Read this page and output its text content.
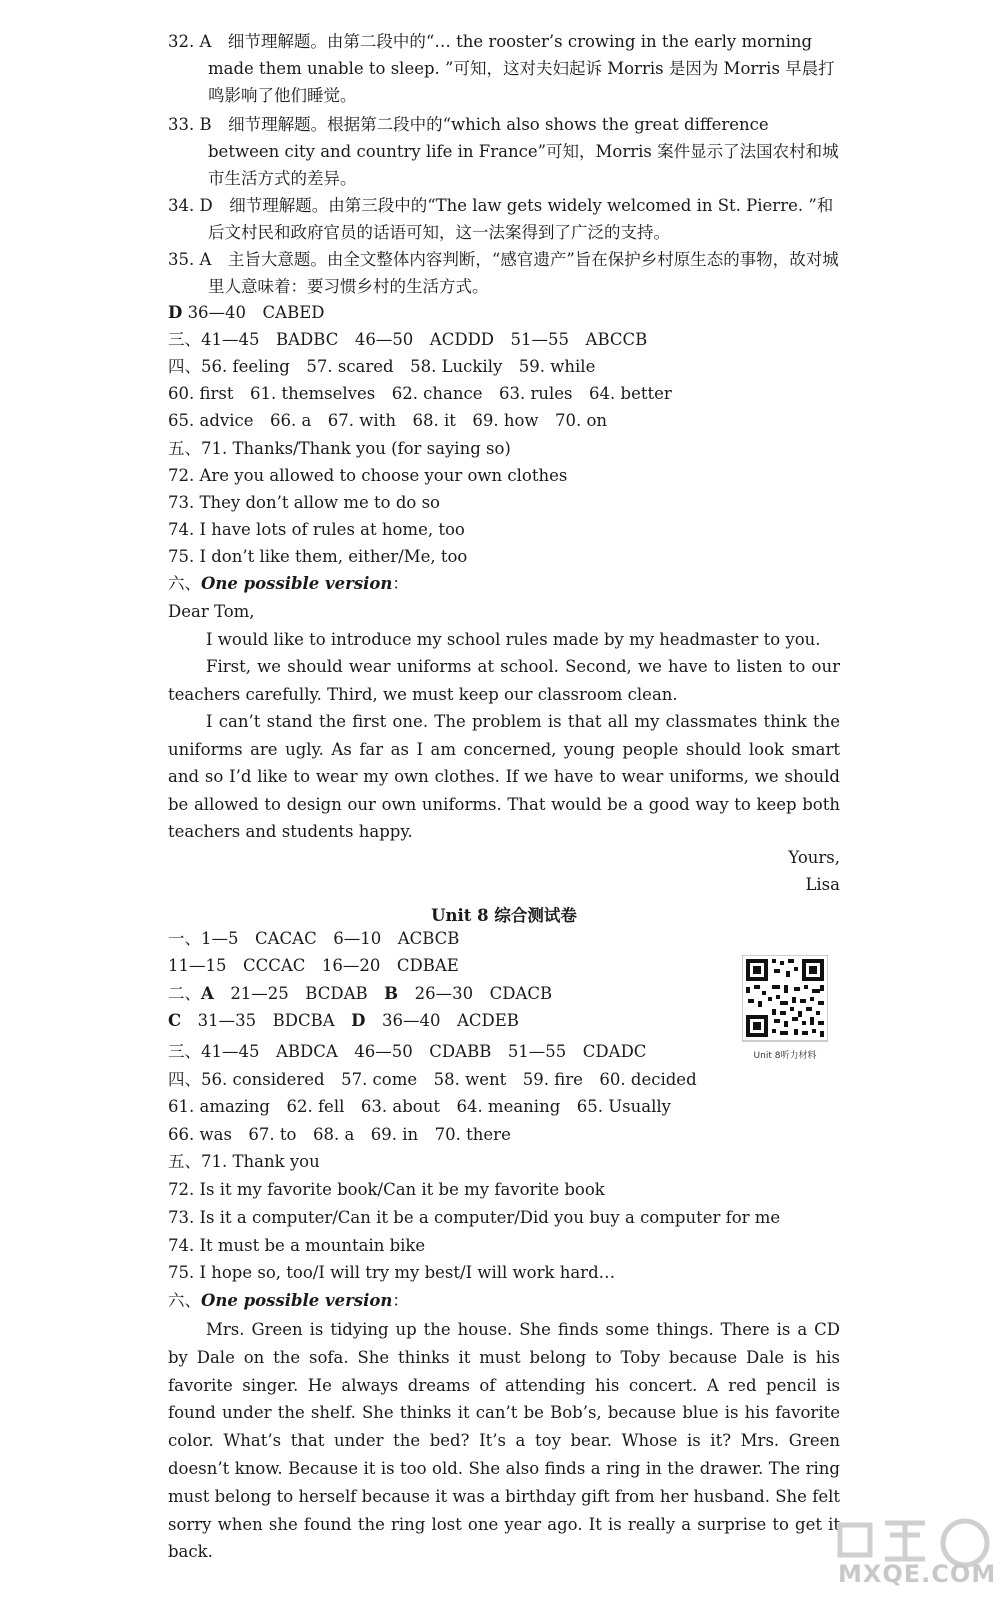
32. A　细节理解题。由第二段中的“… the rooster’s crowing in the early morning made them unable to sleep. ”可知，这对夫妇起诉 Morris 是因为 Morris 早晨打鸣影响了他们睡觉。
33. B　细节理解题。根据第二段中的“which also shows the great difference between city and country life in France”可知，Morris 案件显示了法国农村和城市生活方式的差异。
34. D　细节理解题。由第三段中的“The law gets widely welcomed in St. Pierre. ”和后文村民和政府官员的话语可知，这一法案得到了广泛的支持。
35. A　主旨大意题。由全文整体内容判断，“感官遗产”旨在保护乡村原生态的事物，故对城里人意味着：要习惯乡村的生活方式。
D 36—40　CABED
三、41—45　BADBC　46—50　ACDDD　51—55　ABCCB
四、56. feeling　57. scared　58. Luckily　59. while
60. first　61. themselves　62. chance　63. rules　64. better
65. advice　66. a　67. with　68. it　69. how　70. on
五、71. Thanks/Thank you (for saying so)
72. Are you allowed to choose your own clothes
73. They don’t allow me to do so
74. I have lots of rules at home, too
75. I don’t like them, either/Me, too
六、One possible version：
Dear Tom,
I would like to introduce my school rules made by my headmaster to you.
First, we should wear uniforms at school. Second, we have to listen to our teachers carefully. Third, we must keep our classroom clean.
I can’t stand the first one. The problem is that all my classmates think the uniforms are ugly. As far as I am concerned, young people should look smart and so I’d like to wear my own clothes. If we have to wear uniforms, we should be allowed to design our own uniforms. That would be a good way to keep both teachers and students happy.
Yours,
Lisa
Unit 8 综合测试卷
一、1—5　CACAC　6—10　ACBCB
11—15　CCCAC　16—20　CDBAE
二、A　21—25　BCDAB　B　26—30　CDACB
C　31—35　BDCBA　D　36—40　ACDEB
三、41—45　ABDCA　46—50　CDABB　51—55　CDADC
四、56. considered　57. come　58. went　59. fire　60. decided
61. amazing　62. fell　63. about　64. meaning　65. Usually
66. was　67. to　68. a　69. in　70. there
五、71. Thank you
72. Is it my favorite book/Can it be my favorite book
73. Is it a computer/Can it be a computer/Did you buy a computer for me
74. It must be a mountain bike
75. I hope so, too/I will try my best/I will work hard…
六、One possible version：
Mrs. Green is tidying up the house. She finds some things. There is a CD by Dale on the sofa. She thinks it must belong to Toby because Dale is his favorite singer. He always dreams of attending his concert. A red pencil is found under the shelf. She thinks it can’t be Bob’s, because blue is his favorite color. What’s that under the bed? It’s a toy bear. Whose is it? Mrs. Green doesn’t know. Because it is too old. She also finds a ring in the drawer. The ring must belong to herself because it was a birthday gift from her husband. She felt sorry when she found the ring lost one year ago. It is really a surprise to get it back.
Unit 8听力材料
MXQE.COM
